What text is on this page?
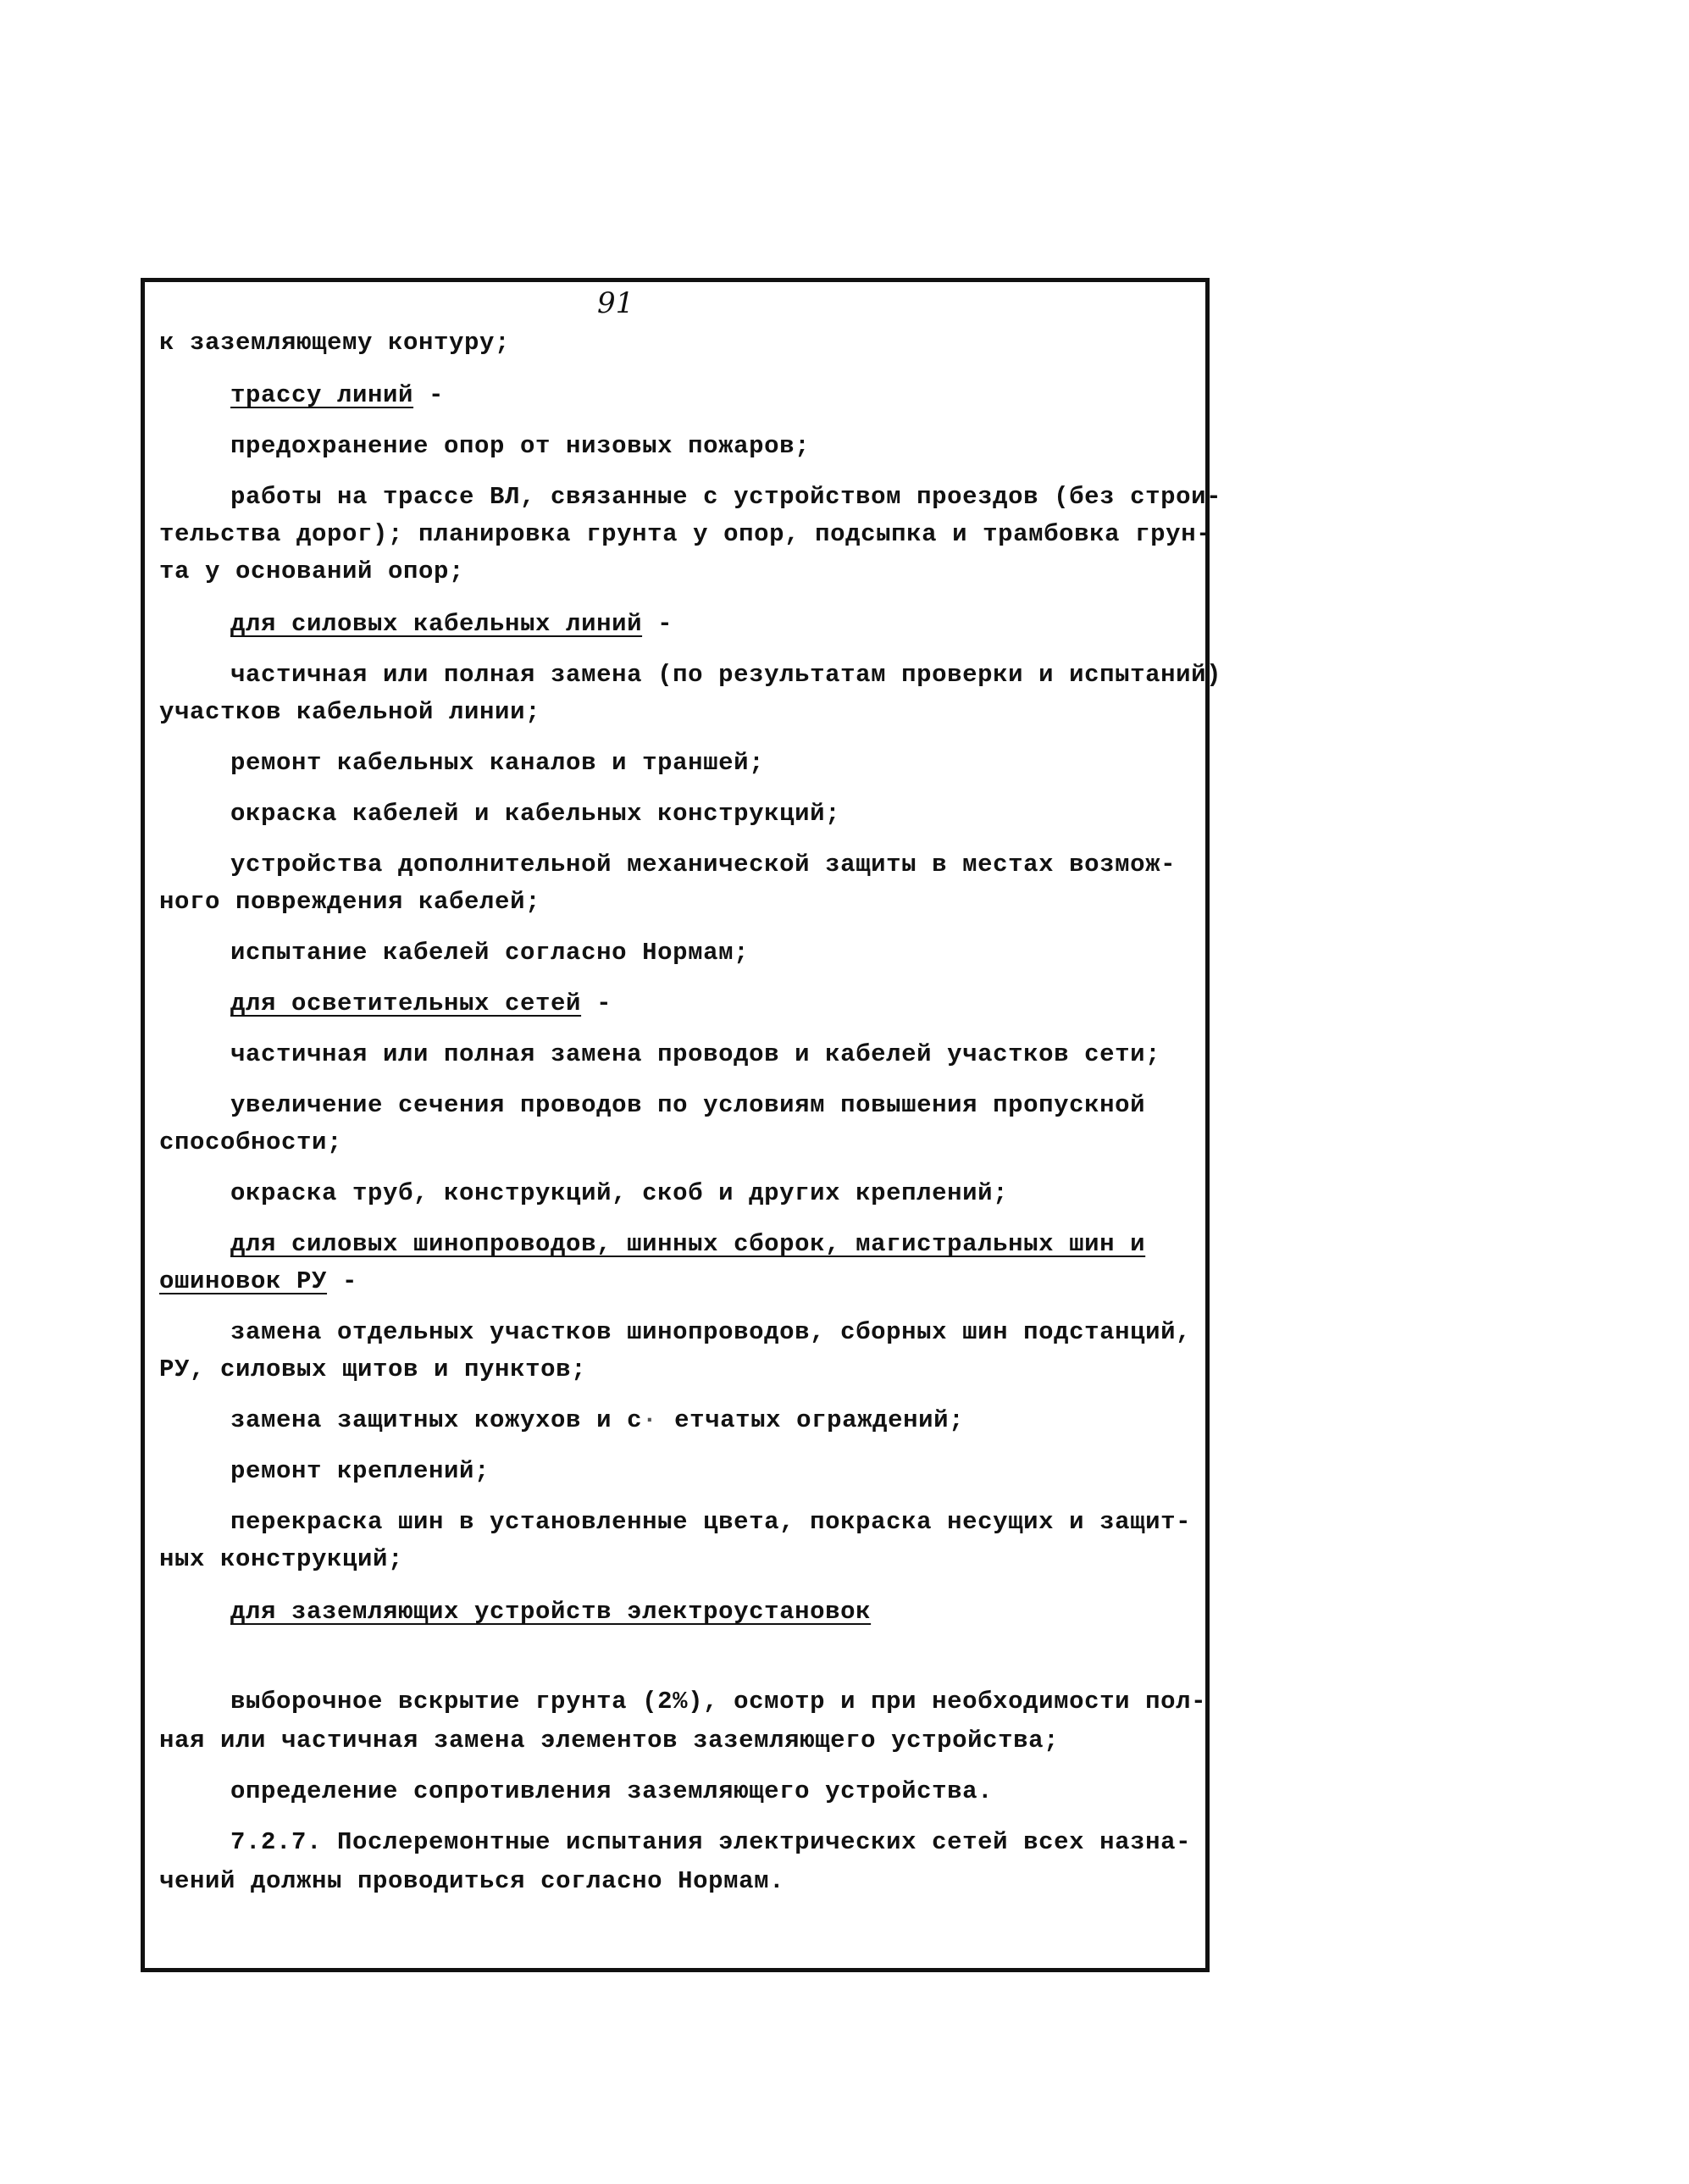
91
к заземляющему контуру;
трассу линий -
предохранение опор от низовых пожаров;
работы на трассе ВЛ, связанные с устройством проездов (без строи-
тельства дорог); планировка грунта у опор, подсыпка и трамбовка грун-
та у оснований опор;
для силовых кабельных линий -
частичная или полная замена (по результатам проверки и испытаний)
участков кабельной линии;
ремонт кабельных каналов и траншей;
окраска кабелей и кабельных конструкций;
устройства дополнительной механической защиты в местах возмож-
ного повреждения кабелей;
испытание кабелей согласно Нормам;
для осветительных сетей -
частичная или полная замена проводов и кабелей участков сети;
увеличение сечения проводов по условиям повышения пропускной
способности;
окраска труб, конструкций, скоб и других креплений;
для силовых шинопроводов, шинных сборок, магистральных шин и
ошиновок РУ -
замена отдельных участков шинопроводов, сборных шин подстанций,
РУ, силовых щитов и пунктов;
замена защитных кожухов и с· етчатых ограждений;
ремонт креплений;
перекраска шин в установленные цвета, покраска несущих и защит-
ных конструкций;
для заземляющих устройств электроустановок
выборочное вскрытие грунта (2%), осмотр и при необходимости пол-
ная или частичная замена элементов заземляющего устройства;
определение сопротивления заземляющего устройства.
7.2.7. Послеремонтные испытания электрических сетей всех назна-
чений должны проводиться согласно Нормам.
